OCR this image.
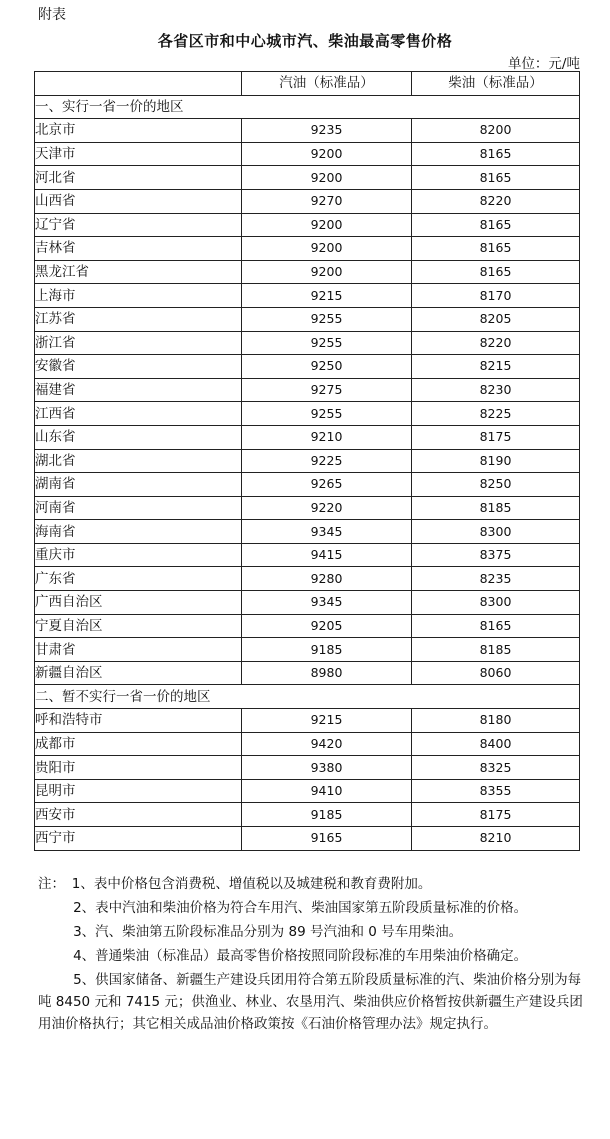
附表
各省区市和中心城市汽、柴油最高零售价格
单位：元/吨
	汽油（标准品）	柴油（标准品）
一、实行一省一价的地区		
北京市	9235	8200
天津市	9200	8165
河北省	9200	8165
山西省	9270	8220
辽宁省	9200	8165
吉林省	9200	8165
黑龙江省	9200	8165
上海市	9215	8170
江苏省	9255	8205
浙江省	9255	8220
安徽省	9250	8215
福建省	9275	8230
江西省	9255	8225
山东省	9210	8175
湖北省	9225	8190
湖南省	9265	8250
河南省	9220	8185
海南省	9345	8300
重庆市	9415	8375
广东省	9280	8235
广西自治区	9345	8300
宁夏自治区	9205	8165
甘肃省	9185	8185
新疆自治区	8980	8060
二、暂不实行一省一价的地区		
呼和浩特市	9215	8180
成都市	9420	8400
贵阳市	9380	8325
昆明市	9410	8355
西安市	9185	8175
西宁市	9165	8210

注：　1、表中价格包含消费税、增值税以及城建税和教育费附加。

2、表中汽油和柴油价格为符合车用汽、柴油国家第五阶段质量标准的价格。

3、汽、柴油第五阶段标准品分别为 89 号汽油和 0 号车用柴油。

4、普通柴油（标准品）最高零售价格按照同阶段标准的车用柴油价格确定。

5、供国家储备、新疆生产建设兵团用符合第五阶段质量标准的汽、柴油价格分别为每吨 8450 元和 7415 元；供渔业、林业、农垦用汽、柴油供应价格暂按供新疆生产建设兵团用油价格执行；其它相关成品油价格政策按《石油价格管理办法》规定执行。
